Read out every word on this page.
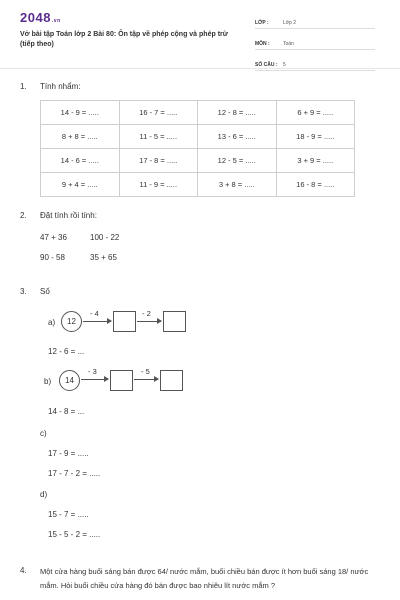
2048.vn
Vở bài tập Toán lớp 2 Bài 80: Ôn tập về phép cộng và phép trừ (tiếp theo)
LỚP :	Lớp 2
MÔN :	Toán
SỐ CÂU :	5
1. Tính nhẩm:
14 - 9 = .....	16 - 7 = .....	12 - 8 = .....	6 + 9 = .....
8 + 8 = .....	11 - 5 = .....	13 - 6 = .....	18 - 9 = .....
14 - 6 = .....	17 - 8 = .....	12 - 5 = .....	3 + 9 = .....
9 + 4 = .....	11 - 9 = .....	3 + 8 = .....	16 - 8 = .....
2. Đặt tính rồi tính:
47 + 36	100 - 22
90 - 58	35 + 65
3. Số
a)	12
- 4	- 2
12 - 6 = ...
b)	14
- 3	- 5
14 - 8 = ...
c)
17 - 9 = .....
17 - 7 - 2 = .....
d)
15 - 7 = .....
15 - 5 - 2 = .....
4. Một cửa hàng buổi sáng bán được 64/ nước mắm, buổi chiều bán được ít hơn buổi sáng 18/ nước mắm. Hỏi buổi chiều cửa hàng đó bán được bao nhiêu lít nước mắm ?
